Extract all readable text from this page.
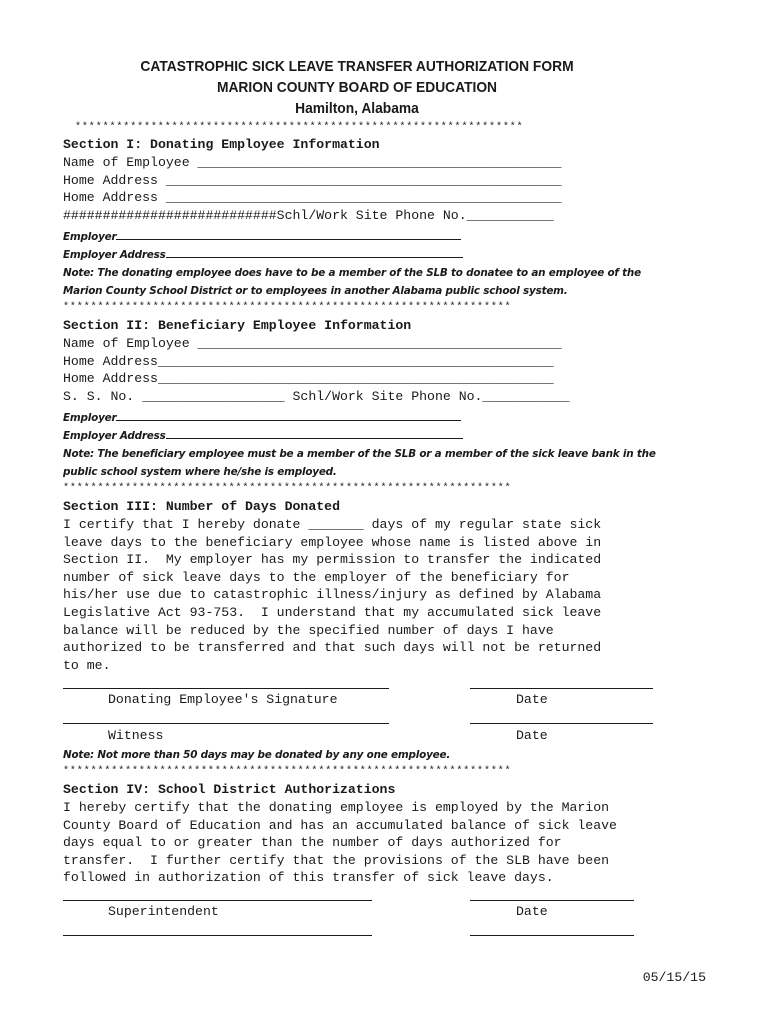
CATASTROPHIC SICK LEAVE TRANSFER AUTHORIZATION FORM
MARION COUNTY BOARD OF EDUCATION
Hamilton, Alabama
*****************************************************************
Section I: Donating Employee Information
Name of Employee ______________________________________________
Home Address __________________________________________________
Home Address __________________________________________________
###########################Schl/Work Site Phone No.___________
Employer
Employer Address
Note: The donating employee does have to be a member of the SLB to donatee to an employee of the Marion County School District or to employees in another Alabama public school system.
*****************************************************************
Section II: Beneficiary Employee Information
Name of Employee ______________________________________________
Home Address__________________________________________________
Home Address__________________________________________________
S. S. No. __________________ Schl/Work Site Phone No.___________
Employer
Employer Address
Note: The beneficiary employee must be a member of the SLB or a member of the sick leave bank in the public school system where he/she is employed.
*****************************************************************
Section III: Number of Days Donated
I certify that I hereby donate _______ days of my regular state sick
leave days to the beneficiary employee whose name is listed above in
Section II.  My employer has my permission to transfer the indicated
number of sick leave days to the employer of the beneficiary for
his/her use due to catastrophic illness/injury as defined by Alabama
Legislative Act 93-753.  I understand that my accumulated sick leave
balance will be reduced by the specified number of days I have
authorized to be transferred and that such days will not be returned
to me.
Donating Employee's Signature	Date
Witness	Date
Note: Not more than 50 days may be donated by any one employee.
*****************************************************************
Section IV: School District Authorizations
I hereby certify that the donating employee is employed by the Marion
County Board of Education and has an accumulated balance of sick leave
days equal to or greater than the number of days authorized for
transfer.  I further certify that the provisions of the SLB have been
followed in authorization of this transfer of sick leave days.
Superintendent	Date
05/15/15
